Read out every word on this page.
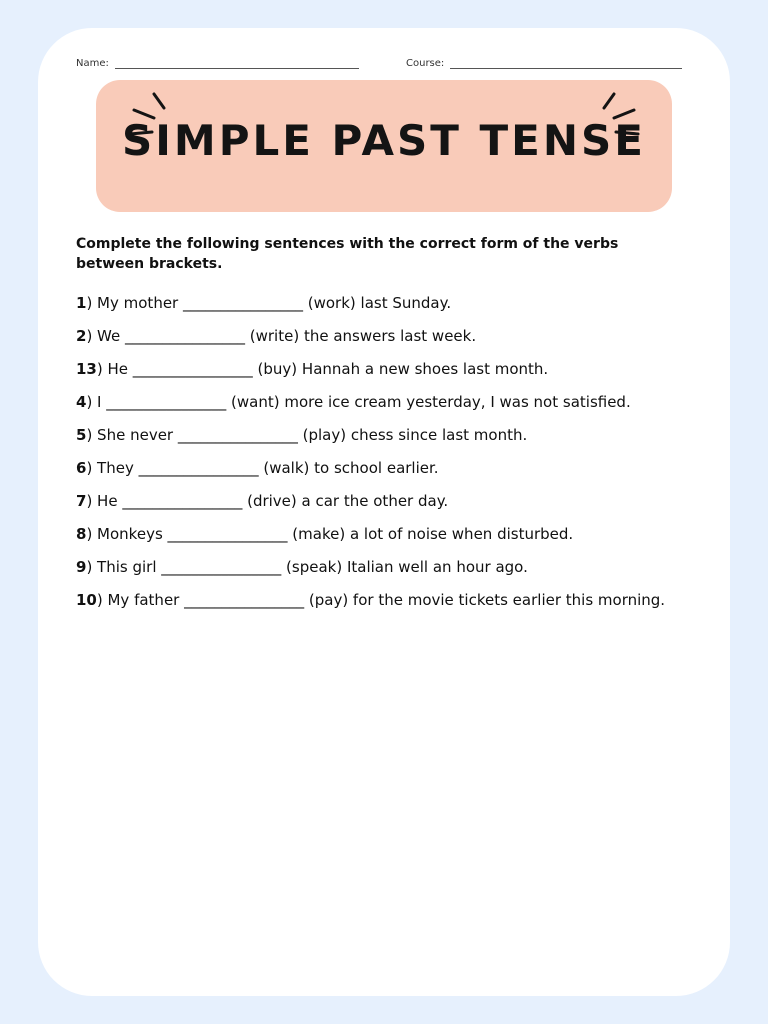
Name:	Course:
SIMPLE PAST TENSE
Complete the following sentences with the correct form of the verbs between brackets.
1) My mother ________________ (work) last Sunday.
2) We ________________ (write) the answers last week.
13) He ________________ (buy) Hannah a new shoes last month.
4) I ________________ (want) more ice cream yesterday, I was not satisfied.
5) She never ________________ (play) chess since last month.
6) They ________________ (walk) to school earlier.
7) He ________________ (drive) a car the other day.
8) Monkeys ________________ (make) a lot of noise when disturbed.
9) This girl ________________ (speak) Italian well an hour ago.
10) My father ________________ (pay) for the movie tickets earlier this morning.
